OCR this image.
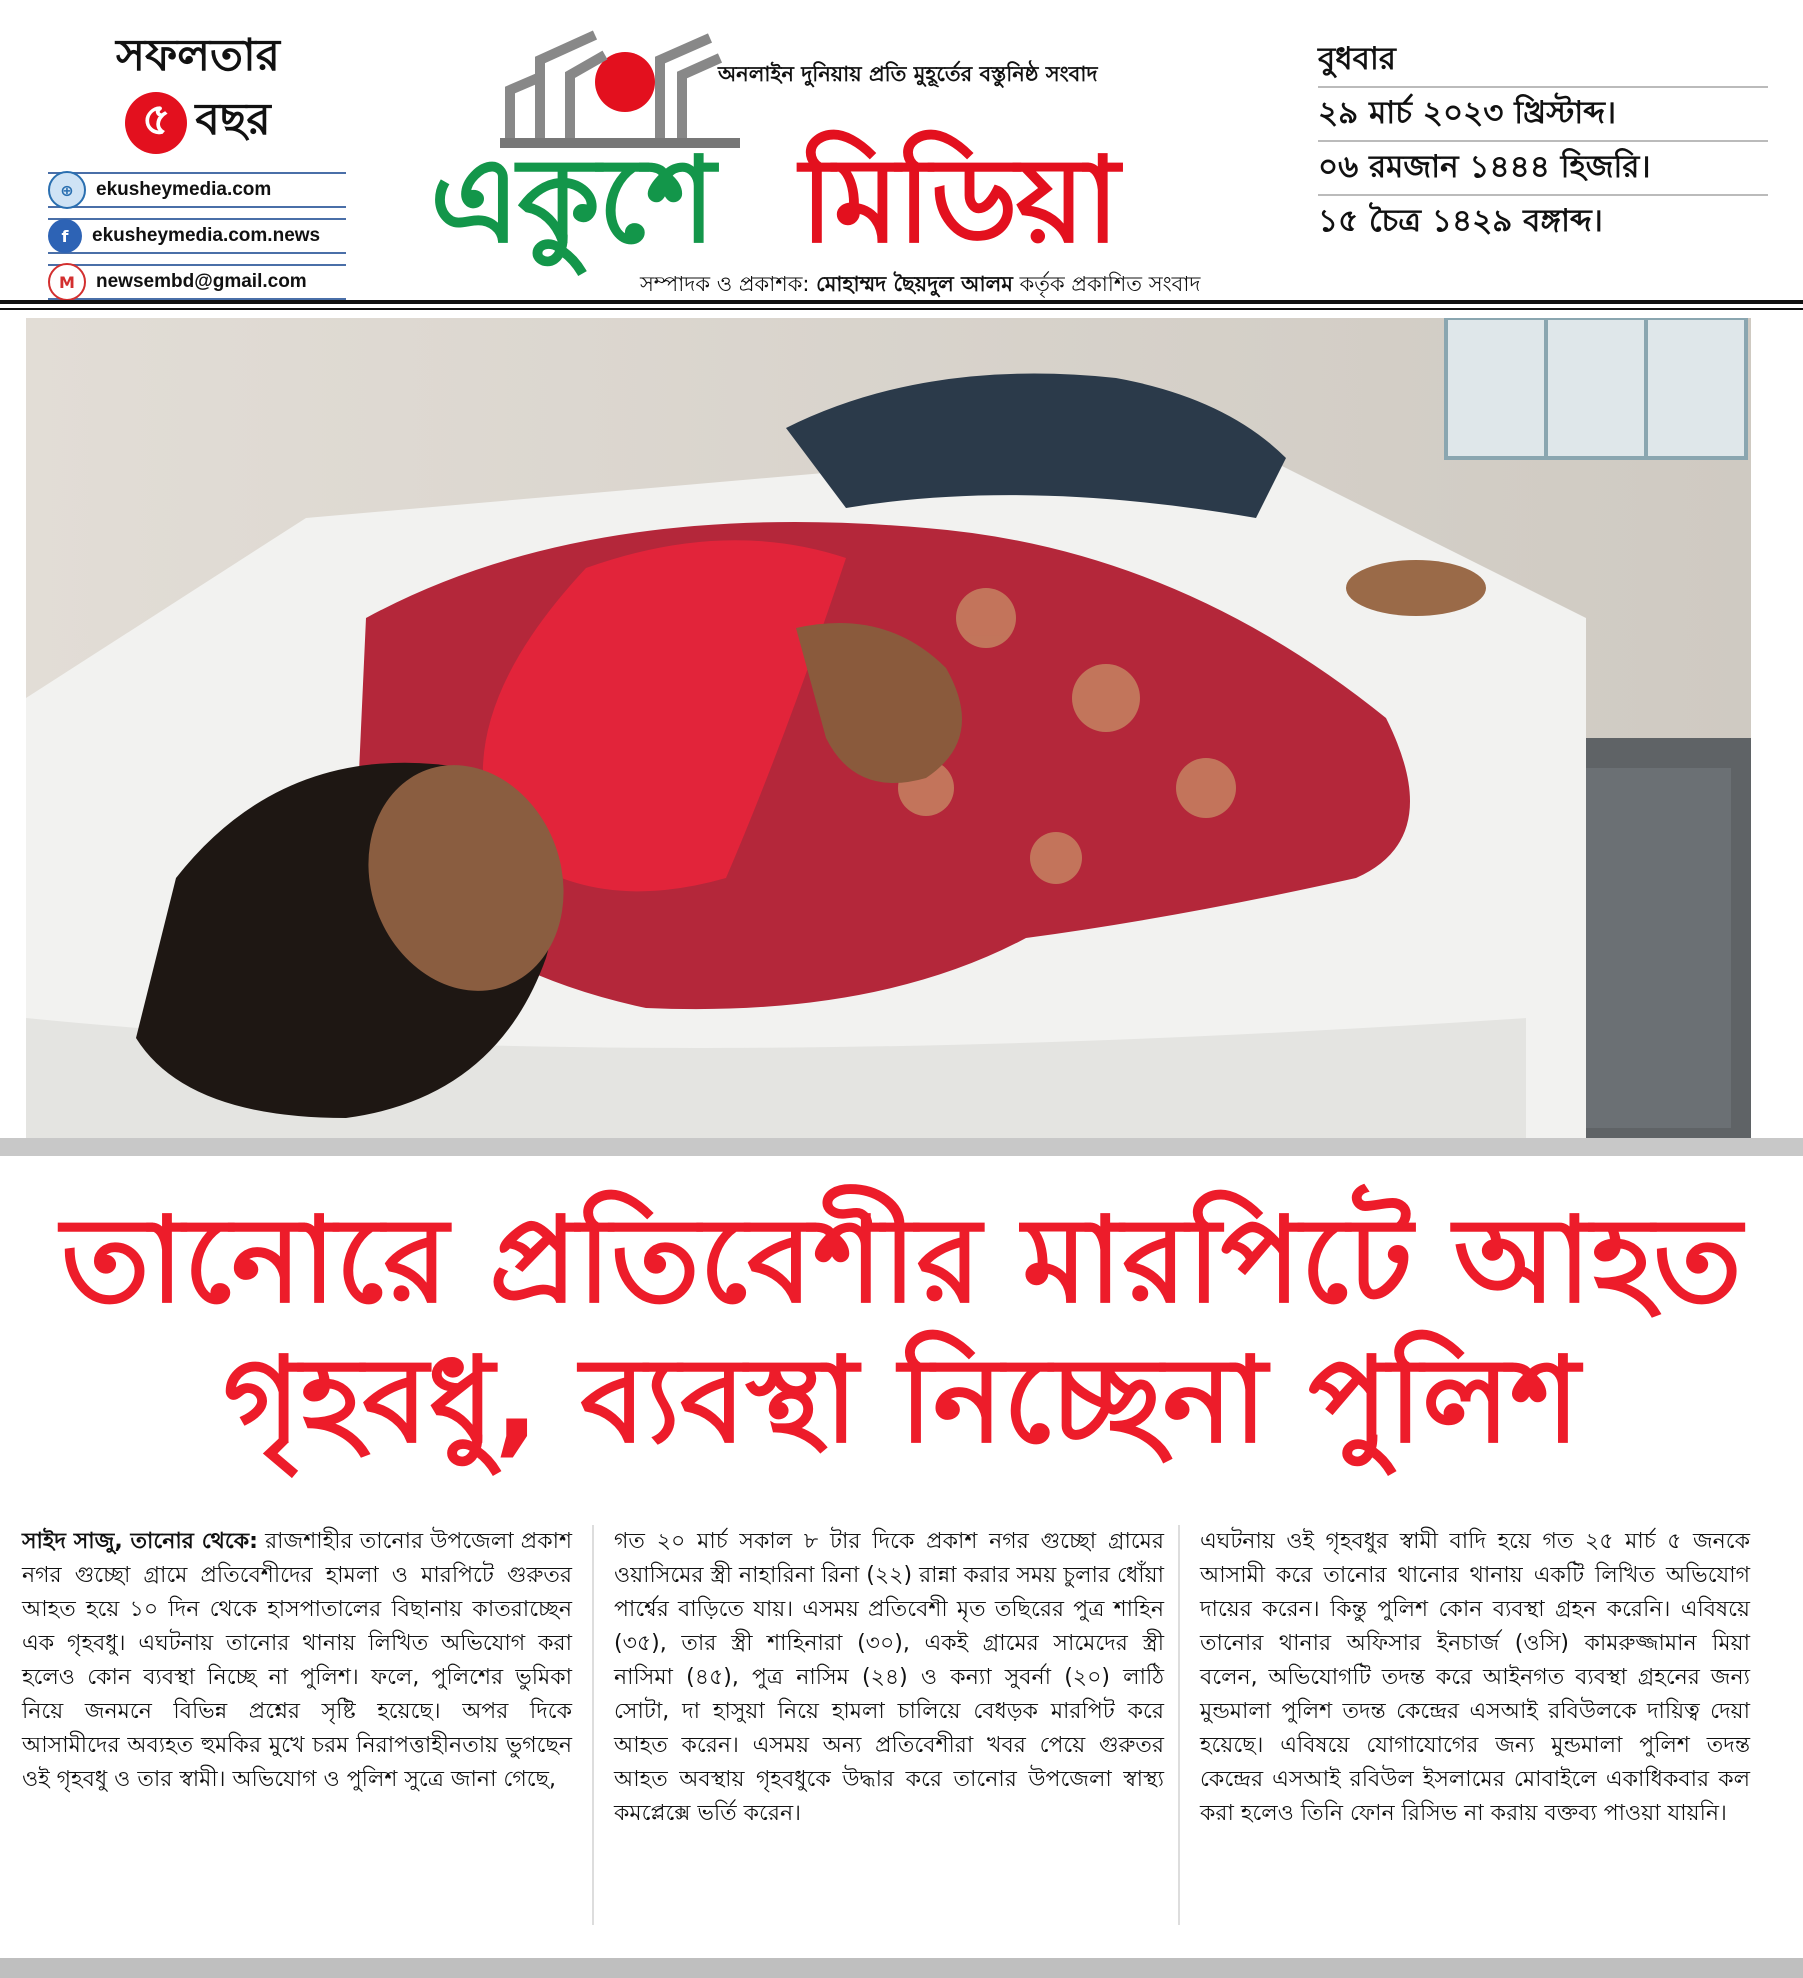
সফলতার
৫ বছর
⊕	ekusheymedia.com
f	ekusheymedia.com.news
M	newsembd@gmail.com
একুশে মিডিয়া
অনলাইন দুনিয়ায় প্রতি মুহূর্তের বস্তুনিষ্ঠ সংবাদ
সম্পাদক ও প্রকাশক: মোহাম্মদ ছৈয়দুল আলম কর্তৃক প্রকাশিত সংবাদ
বুধবার
২৯ মার্চ ২০২৩ খ্রিস্টাব্দ।
০৬ রমজান ১৪৪৪ হিজরি।
১৫ চৈত্র ১৪২৯ বঙ্গাব্দ।
তানোরে প্রতিবেশীর মারপিটে আহত
গৃহবধু, ব্যবস্থা নিচ্ছেনা পুলিশ
সাইদ সাজু, তানোর থেকে: রাজশাহীর তানোর উপজেলা প্রকাশ নগর গুচ্ছো গ্রামে প্রতিবেশীদের হামলা ও মারপিটে গুরুতর আহত হয়ে ১০ দিন থেকে হাসপাতালের বিছানায় কাতরাচ্ছেন এক গৃহবধু। এঘটনায় তানোর থানায় লিখিত অভিযোগ করা হলেও কোন ব্যবস্থা নিচ্ছে না পুলিশ। ফলে, পুলিশের ভুমিকা নিয়ে জনমনে বিভিন্ন প্রশ্নের সৃষ্টি হয়েছে। অপর দিকে আসামীদের অব্যহত হুমকির মুখে চরম নিরাপত্তাহীনতায় ভুগছেন ওই গৃহবধু ও তার স্বামী। অভিযোগ ও পুলিশ সুত্রে জানা গেছে,
গত ২০ মার্চ সকাল ৮ টার দিকে প্রকাশ নগর গুচ্ছো গ্রামের ওয়াসিমের স্ত্রী নাহারিনা রিনা (২২) রান্না করার সময় চুলার ধোঁয়া পার্শ্বের বাড়িতে যায়। এসময় প্রতিবেশী মৃত তছিরের পুত্র শাহিন (৩৫), তার স্ত্রী শাহিনারা (৩০), একই গ্রামের সামেদের স্ত্রী নাসিমা (৪৫), পুত্র নাসিম (২৪) ও কন্যা সুবর্না (২০) লাঠি সোটা, দা হাসুয়া নিয়ে হামলা চালিয়ে বেধড়ক মারপিট করে আহত করেন। এসময় অন্য প্রতিবেশীরা খবর পেয়ে গুরুতর আহত অবস্থায় গৃহবধুকে উদ্ধার করে তানোর উপজেলা স্বাস্থ্য কমপ্লেক্সে ভর্তি করেন।
এঘটনায় ওই গৃহবধুর স্বামী বাদি হয়ে গত ২৫ মার্চ ৫ জনকে আসামী করে তানোর থানোর থানায় একটি লিখিত অভিযোগ দায়ের করেন। কিন্তু পুলিশ কোন ব্যবস্থা গ্রহন করেনি। এবিষয়ে তানোর থানার অফিসার ইনচার্জ (ওসি) কামরুজ্জামান মিয়া বলেন, অভিযোগটি তদন্ত করে আইনগত ব্যবস্থা গ্রহনের জন্য মুন্ডমালা পুলিশ তদন্ত কেন্দ্রের এসআই রবিউলকে দায়িত্ব দেয়া হয়েছে। এবিষয়ে যোগাযোগের জন্য মুন্ডমালা পুলিশ তদন্ত কেন্দ্রের এসআই রবিউল ইসলামের মোবাইলে একাধিকবার কল করা হলেও তিনি ফোন রিসিভ না করায় বক্তব্য পাওয়া যায়নি।
